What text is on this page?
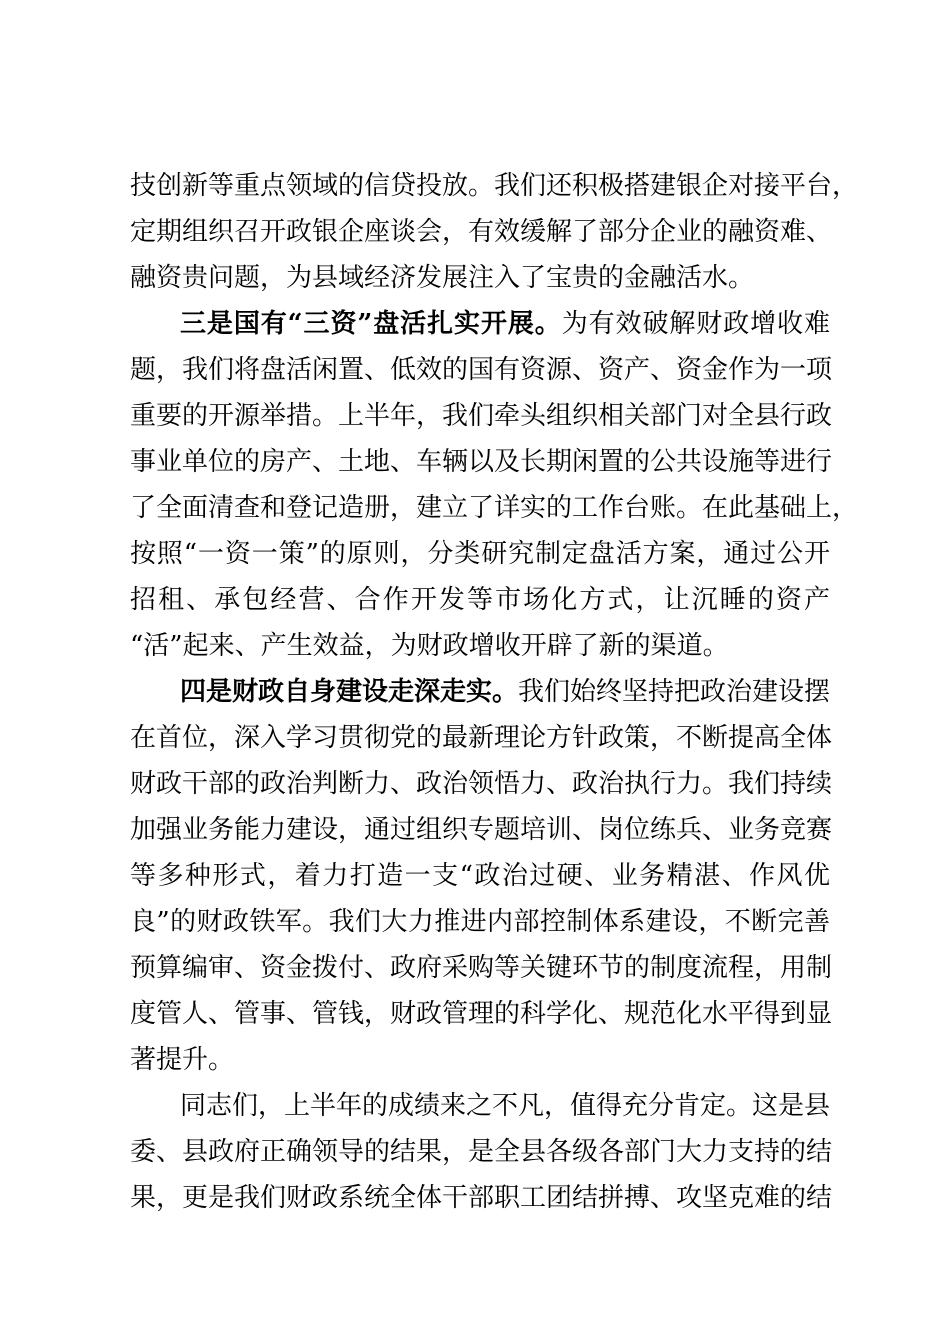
技创新等重点领域的信贷投放。我们还积极搭建银企对接平台，
定期组织召开政银企座谈会，有效缓解了部分企业的融资难、
融资贵问题，为县域经济发展注入了宝贵的金融活水。
三是国有“三资”盘活扎实开展。为有效破解财政增收难
题，我们将盘活闲置、低效的国有资源、资产、资金作为一项
重要的开源举措。上半年，我们牵头组织相关部门对全县行政
事业单位的房产、土地、车辆以及长期闲置的公共设施等进行
了全面清查和登记造册，建立了详实的工作台账。在此基础上，
按照“一资一策”的原则，分类研究制定盘活方案，通过公开
招租、承包经营、合作开发等市场化方式，让沉睡的资产
“活”起来、产生效益，为财政增收开辟了新的渠道。
四是财政自身建设走深走实。我们始终坚持把政治建设摆
在首位，深入学习贯彻党的最新理论方针政策，不断提高全体
财政干部的政治判断力、政治领悟力、政治执行力。我们持续
加强业务能力建设，通过组织专题培训、岗位练兵、业务竞赛
等多种形式，着力打造一支“政治过硬、业务精湛、作风优
良”的财政铁军。我们大力推进内部控制体系建设，不断完善
预算编审、资金拨付、政府采购等关键环节的制度流程，用制
度管人、管事、管钱，财政管理的科学化、规范化水平得到显
著提升。
同志们，上半年的成绩来之不凡，值得充分肯定。这是县
委、县政府正确领导的结果，是全县各级各部门大力支持的结
果，更是我们财政系统全体干部职工团结拼搏、攻坚克难的结
